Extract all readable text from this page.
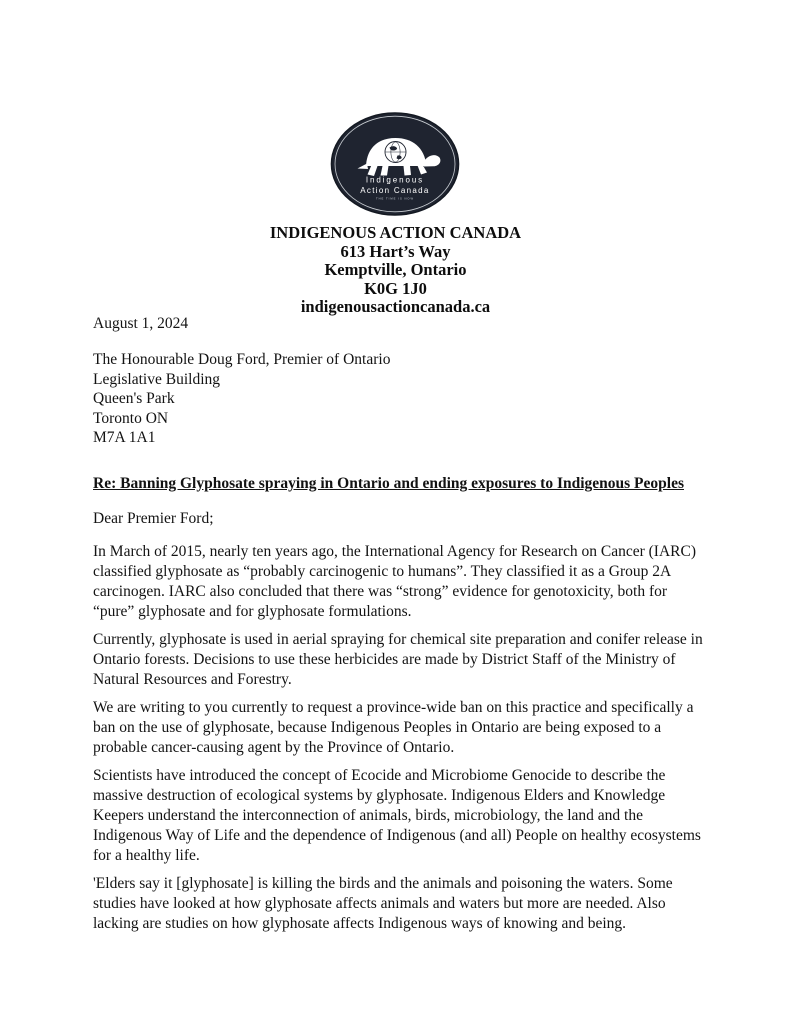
Indigenous
Action Canada
THE TIME IS NOW
INDIGENOUS ACTION CANADA
613 Hart’s Way
Kemptville, Ontario
K0G 1J0
indigenousactioncanada.ca
August 1, 2024
The Honourable Doug Ford, Premier of Ontario
Legislative Building
Queen's Park
Toronto ON
M7A 1A1
Re: Banning Glyphosate spraying in Ontario and ending exposures to Indigenous Peoples
Dear Premier Ford;

In March of 2015, nearly ten years ago, the International Agency for Research on Cancer (IARC) classified glyphosate as “probably carcinogenic to humans”. They classified it as a Group 2A carcinogen. IARC also concluded that there was “strong” evidence for genotoxicity, both for “pure” glyphosate and for glyphosate formulations.

Currently, glyphosate is used in aerial spraying for chemical site preparation and conifer release in Ontario forests. Decisions to use these herbicides are made by District Staff of the Ministry of Natural Resources and Forestry.

We are writing to you currently to request a province-wide ban on this practice and specifically a ban on the use of glyphosate, because Indigenous Peoples in Ontario are being exposed to a probable cancer-causing agent by the Province of Ontario.

Scientists have introduced the concept of Ecocide and Microbiome Genocide to describe the massive destruction of ecological systems by glyphosate. Indigenous Elders and Knowledge Keepers understand the interconnection of animals, birds, microbiology, the land and the Indigenous Way of Life and the dependence of Indigenous (and all) People on healthy ecosystems for a healthy life.

'Elders say it [glyphosate] is killing the birds and the animals and poisoning the waters. Some studies have looked at how glyphosate affects animals and waters but more are needed. Also lacking are studies on how glyphosate affects Indigenous ways of knowing and being.
